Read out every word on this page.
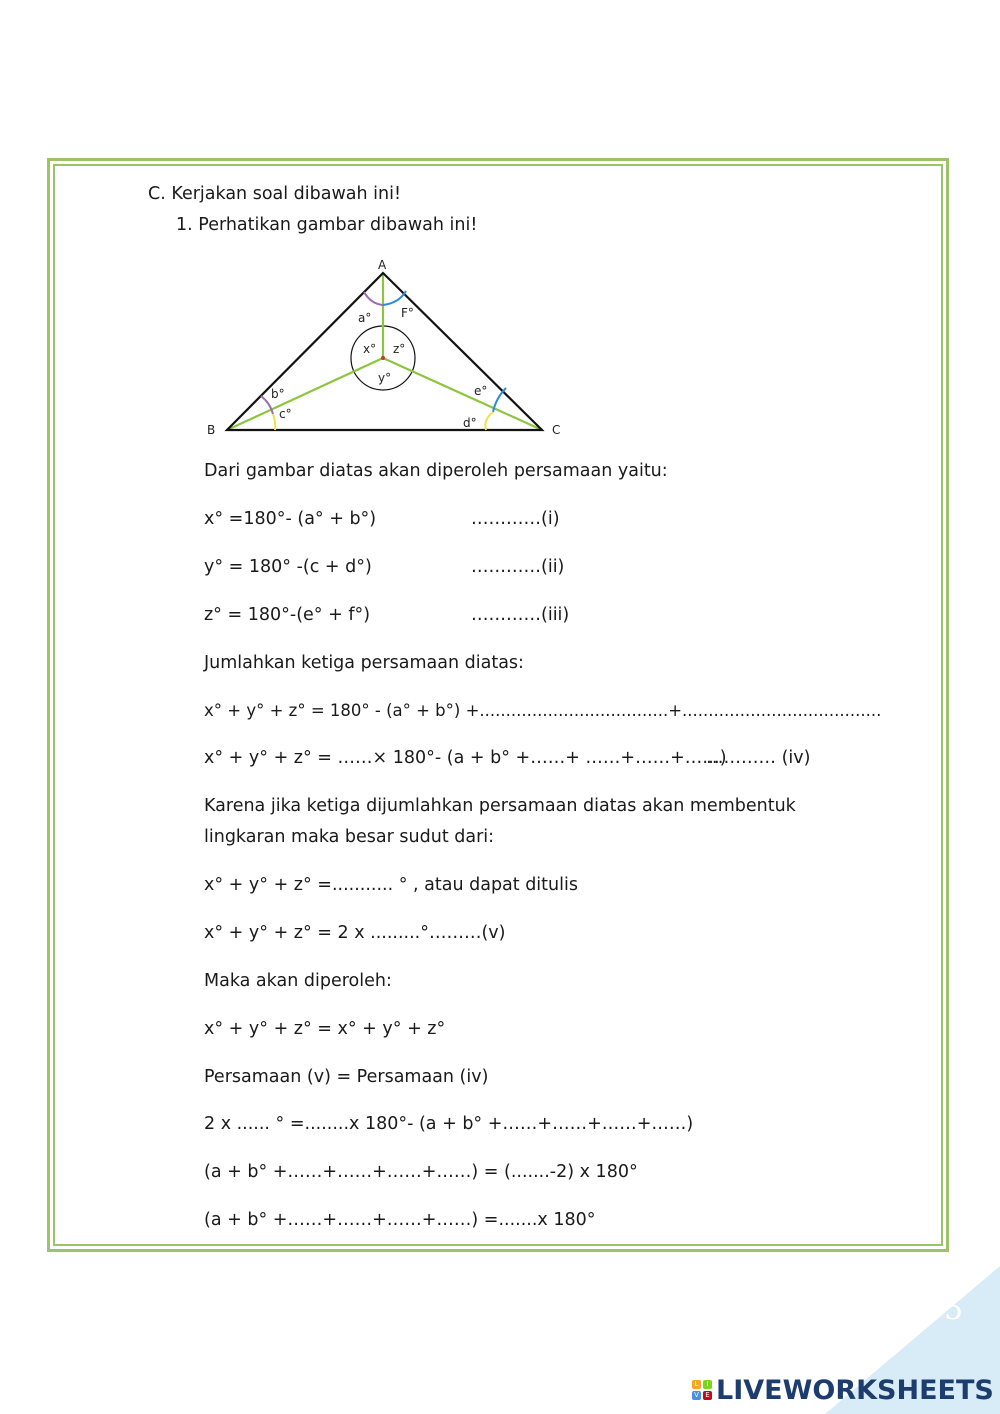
C. Kerjakan soal dibawah ini!
1. Perhatikan gambar dibawah ini!
A
B	C
a° F°
x° z°
y°
b°
c°
e°
d°
Dari gambar diatas akan diperoleh persamaan yaitu:
x° =180°- (a° + b°)	…………(i)
y° = 180° -(c + d°)	…………(ii)
z° = 180°-(e° + f°)	…………(iii)
Jumlahkan ketiga persamaan diatas:
x° + y° + z° = 180° - (a° + b°) +....................................+......................................
x° + y° + z° = ……× 180°- (a + b° +……+ ……+……+……)
………… (iv)
Karena jika ketiga dijumlahkan persamaan diatas akan membentuk
lingkaran maka besar sudut dari:
x° + y° + z° =........... ° , atau dapat ditulis
x° + y° + z° = 2 x .........°………(v)
Maka akan diperoleh:
x° + y° + z° = x° + y° + z°
Persamaan (v) = Persamaan (iv)
2 x ...... ° =........x 180°- (a + b° +……+……+……+……)
(a + b° +……+……+……+……) = (.......-2) x 180°
(a + b° +……+……+……+……) =.......x 180°
5
L	I
V E LIVEWORKSHEETS
